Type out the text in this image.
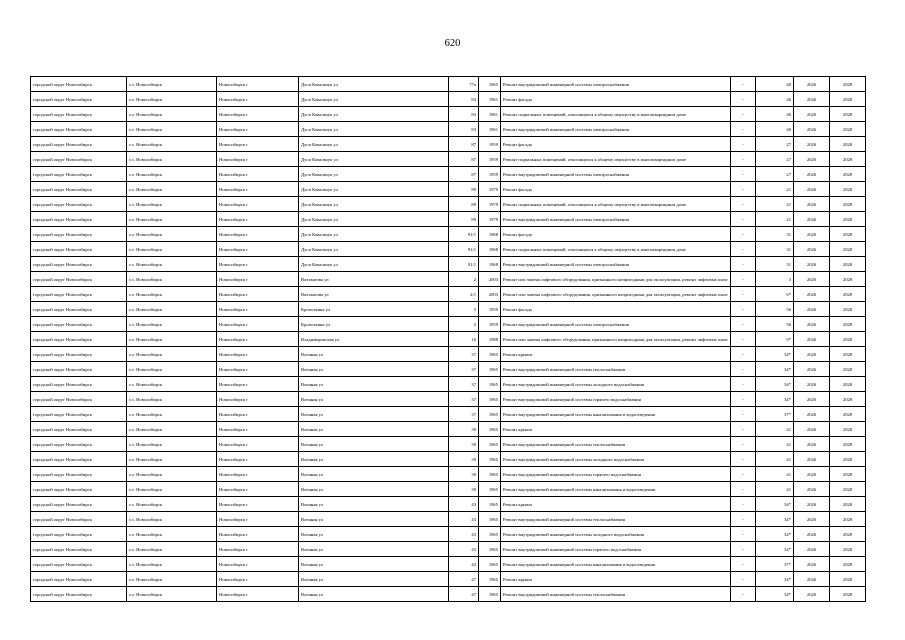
620
городской округ Новосибирск	г.о. Новосибирск	Новосибирск г	Дуси Ковальчук ул	77а	1965	Ремонт внутридомовой инженерной системы электроснабжения	-	40	2026	2028
городской округ Новосибирск	г.о. Новосибирск	Новосибирск г	Дуси Ковальчук ул	83	1961	Ремонт фасада	-	46	2026	2028
городской округ Новосибирск	г.о. Новосибирск	Новосибирск г	Дуси Ковальчук ул	83	1961	Ремонт подвальных помещений, относящихся к общему имуществу в многоквартирном доме	-	46	2026	2028
городской округ Новосибирск	г.о. Новосибирск	Новосибирск г	Дуси Ковальчук ул	83	1961	Ремонт внутридомовой инженерной системы электроснабжения	-	40	2026	2028
городской округ Новосибирск	г.о. Новосибирск	Новосибирск г	Дуси Ковальчук ул	87	1959	Ремонт фасада	-	27	2026	2028
городской округ Новосибирск	г.о. Новосибирск	Новосибирск г	Дуси Ковальчук ул	87	1959	Ремонт подвальных помещений, относящихся к общему имуществу в многоквартирном доме	-	27	2026	2028
городской округ Новосибирск	г.о. Новосибирск	Новосибирск г	Дуси Ковальчук ул	87	1959	Ремонт внутридомовой инженерной системы электроснабжения	-	27	2026	2028
городской округ Новосибирск	г.о. Новосибирск	Новосибирск г	Дуси Ковальчук ул	89	1979	Ремонт фасада	-	21	2026	2028
городской округ Новосибирск	г.о. Новосибирск	Новосибирск г	Дуси Ковальчук ул	89	1979	Ремонт подвальных помещений, относящихся к общему имуществу в многоквартирном доме	-	21	2026	2028
городской округ Новосибирск	г.о. Новосибирск	Новосибирск г	Дуси Ковальчук ул	89	1979	Ремонт внутридомовой инженерной системы электроснабжения	-	21	2026	2028
городской округ Новосибирск	г.о. Новосибирск	Новосибирск г	Дуси Ковальчук ул	91/1	1968	Ремонт фасада	-	31	2026	2028
городской округ Новосибирск	г.о. Новосибирск	Новосибирск г	Дуси Ковальчук ул	91/1	1968	Ремонт подвальных помещений, относящихся к общему имуществу в многоквартирном доме	-	31	2026	2028
городской округ Новосибирск	г.о. Новосибирск	Новосибирск г	Дуси Ковальчук ул	91/1	1968	Ремонт внутридомовой инженерной системы электроснабжения	-	31	2026	2028
городской округ Новосибирск	г.о. Новосибирск	Новосибирск г	Вахтангова ул	2	2003	Ремонт или замена лифтового оборудования, признанного непригодным для эксплуатации, ремонт лифтовых шахт	-	3	2026	2028
городской округ Новосибирск	г.о. Новосибирск	Новосибирск г	Вахтангова ул	2/1	2003	Ремонт или замена лифтового оборудования, признанного непригодным для эксплуатации, ремонт лифтовых шахт	-	6*	2026	2028
городской округ Новосибирск	г.о. Новосибирск	Новосибирск г	Кропоткина ул	5	1959	Ремонт фасада	-	56	2026	2028
городской округ Новосибирск	г.о. Новосибирск	Новосибирск г	Кропоткина ул	5	1959	Ремонт внутридомовой инженерной системы электроснабжения	-	56	2026	2028
городской округ Новосибирск	г.о. Новосибирск	Новосибирск г	Владимировская ул	16	1988	Ремонт или замена лифтового оборудования, признанного непригодным для эксплуатации, ремонт лифтовых шахт	-	9*	2026	2028
городской округ Новосибирск	г.о. Новосибирск	Новосибирск г	Военная ул	37	1965	Ремонт крыши	-	34*	2026	2028
городской округ Новосибирск	г.о. Новосибирск	Новосибирск г	Военная ул	37	1965	Ремонт внутридомовой инженерной системы теплоснабжения	-	34*	2026	2028
городской округ Новосибирск	г.о. Новосибирск	Новосибирск г	Военная ул	37	1965	Ремонт внутридомовой инженерной системы холодного водоснабжения	-	34*	2026	2028
городской округ Новосибирск	г.о. Новосибирск	Новосибирск г	Военная ул	37	1965	Ремонт внутридомовой инженерной системы горячего водоснабжения	-	34*	2026	2028
городской округ Новосибирск	г.о. Новосибирск	Новосибирск г	Военная ул	37	1965	Ремонт внутридомовой инженерной системы канализования и водоотведения	-	37*	2026	2028
городской округ Новосибирск	г.о. Новосибирск	Новосибирск г	Военная ул	39	1965	Ремонт крыши	-	41	2026	2028
городской округ Новосибирск	г.о. Новосибирск	Новосибирск г	Военная ул	39	1965	Ремонт внутридомовой инженерной системы теплоснабжения	-	41	2026	2028
городской округ Новосибирск	г.о. Новосибирск	Новосибирск г	Военная ул	39	1965	Ремонт внутридомовой инженерной системы холодного водоснабжения	-	41	2026	2028
городской округ Новосибирск	г.о. Новосибирск	Новосибирск г	Военная ул	39	1965	Ремонт внутридомовой инженерной системы горячего водоснабжения	-	41	2026	2028
городской округ Новосибирск	г.о. Новосибирск	Новосибирск г	Военная ул	39	1965	Ремонт внутридомовой инженерной системы канализования и водоотведения	-	41	2026	2028
городской округ Новосибирск	г.о. Новосибирск	Новосибирск г	Военная ул	43	1965	Ремонт крыши	-	34*	2026	2028
городской округ Новосибирск	г.о. Новосибирск	Новосибирск г	Военная ул	43	1965	Ремонт внутридомовой инженерной системы теплоснабжения	-	34*	2026	2028
городской округ Новосибирск	г.о. Новосибирск	Новосибирск г	Военная ул	43	1965	Ремонт внутридомовой инженерной системы холодного водоснабжения	-	34*	2026	2028
городской округ Новосибирск	г.о. Новосибирск	Новосибирск г	Военная ул	43	1965	Ремонт внутридомовой инженерной системы горячего водоснабжения	-	34*	2026	2028
городской округ Новосибирск	г.о. Новосибирск	Новосибирск г	Военная ул	43	1965	Ремонт внутридомовой инженерной системы канализования и водоотведения	-	37*	2026	2028
городской округ Новосибирск	г.о. Новосибирск	Новосибирск г	Военная ул	47	1965	Ремонт крыши	-	34*	2026	2028
городской округ Новосибирск	г.о. Новосибирск	Новосибирск г	Военная ул	47	1965	Ремонт внутридомовой инженерной системы теплоснабжения	-	34*	2026	2028
